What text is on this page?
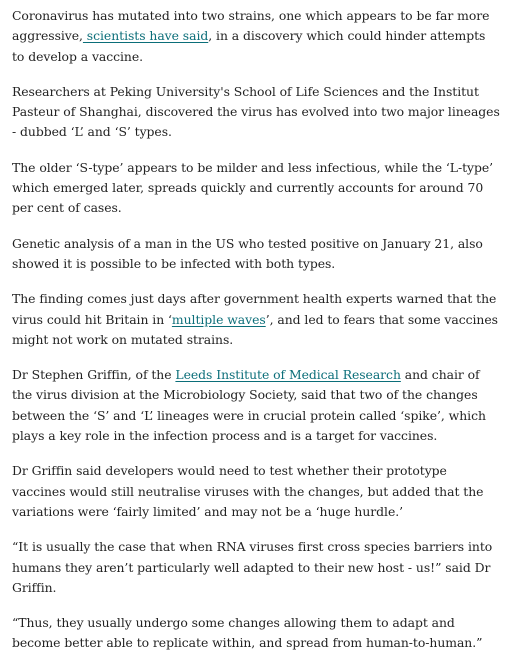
Coronavirus has mutated into two strains, one which appears to be far more aggressive, scientists have said, in a discovery which could hinder attempts to develop a vaccine.

Researchers at Peking University's School of Life Sciences and the Institut Pasteur of Shanghai, discovered the virus has evolved into two major lineages - dubbed ‘L’ and ‘S’ types.

The older ‘S-type’ appears to be milder and less infectious, while the ‘L-type’ which emerged later, spreads quickly and currently accounts for around 70 per cent of cases.

Genetic analysis of a man in the US who tested positive on January 21, also showed it is possible to be infected with both types.

The finding comes just days after government health experts warned that the virus could hit Britain in ‘multiple waves’, and led to fears that some vaccines might not work on mutated strains.

Dr Stephen Griffin, of the Leeds Institute of Medical Research and chair of the virus division at the Microbiology Society, said that two of the changes between the ‘S’ and ‘L’ lineages were in crucial protein called ‘spike’, which plays a key role in the infection process and is a target for vaccines.

Dr Griffin said developers would need to test whether their prototype vaccines would still neutralise viruses with the changes, but added that the variations were ‘fairly limited’ and may not be a ‘huge hurdle.’

“It is usually the case that when RNA viruses first cross species barriers into humans they aren’t particularly well adapted to their new host - us!” said Dr Griffin.

“Thus, they usually undergo some changes allowing them to adapt and become better able to replicate within, and spread from human-to-human.”
